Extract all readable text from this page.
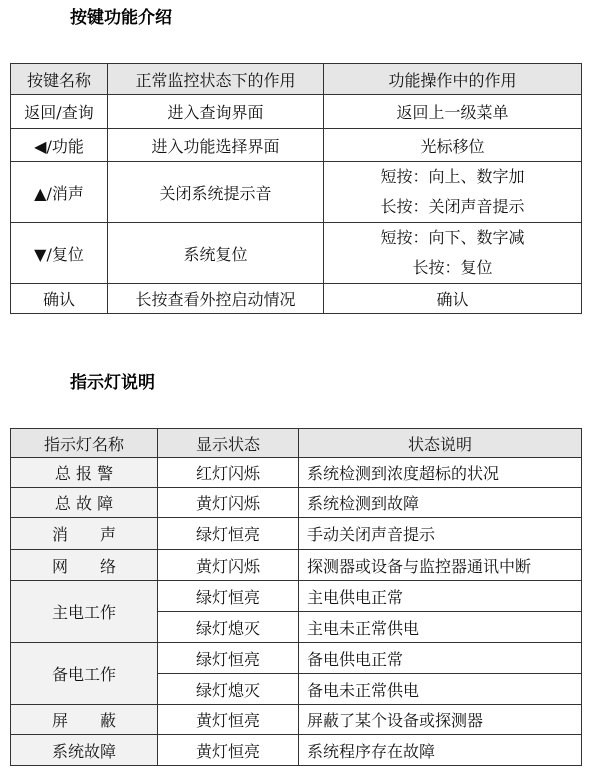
按键功能介绍
按键名称	正常监控状态下的作用	功能操作中的作用
返回/查询	进入查询界面	返回上一级菜单
◀/功能	进入功能选择界面	光标移位
▲/消声	关闭系统提示音	短按：向上、数字加
长按：关闭声音提示

▼/复位	系统复位	短按：向下、数字减
长按：复位

确认	长按查看外控启动情况	确认
指示灯说明
指示灯名称	显示状态	状态说明
总 报 警	红灯闪烁	系统检测到浓度超标的状况
总 故 障	黄灯闪烁	系统检测到故障
消　　声	绿灯恒亮	手动关闭声音提示
网　　络	黄灯闪烁	探测器或设备与监控器通讯中断
主电工作	绿灯恒亮	主电供电正常
	绿灯熄灭	主电未正常供电
备电工作	绿灯恒亮	备电供电正常
	绿灯熄灭	备电未正常供电
屏　　蔽	黄灯恒亮	屏蔽了某个设备或探测器
系统故障	黄灯恒亮	系统程序存在故障
